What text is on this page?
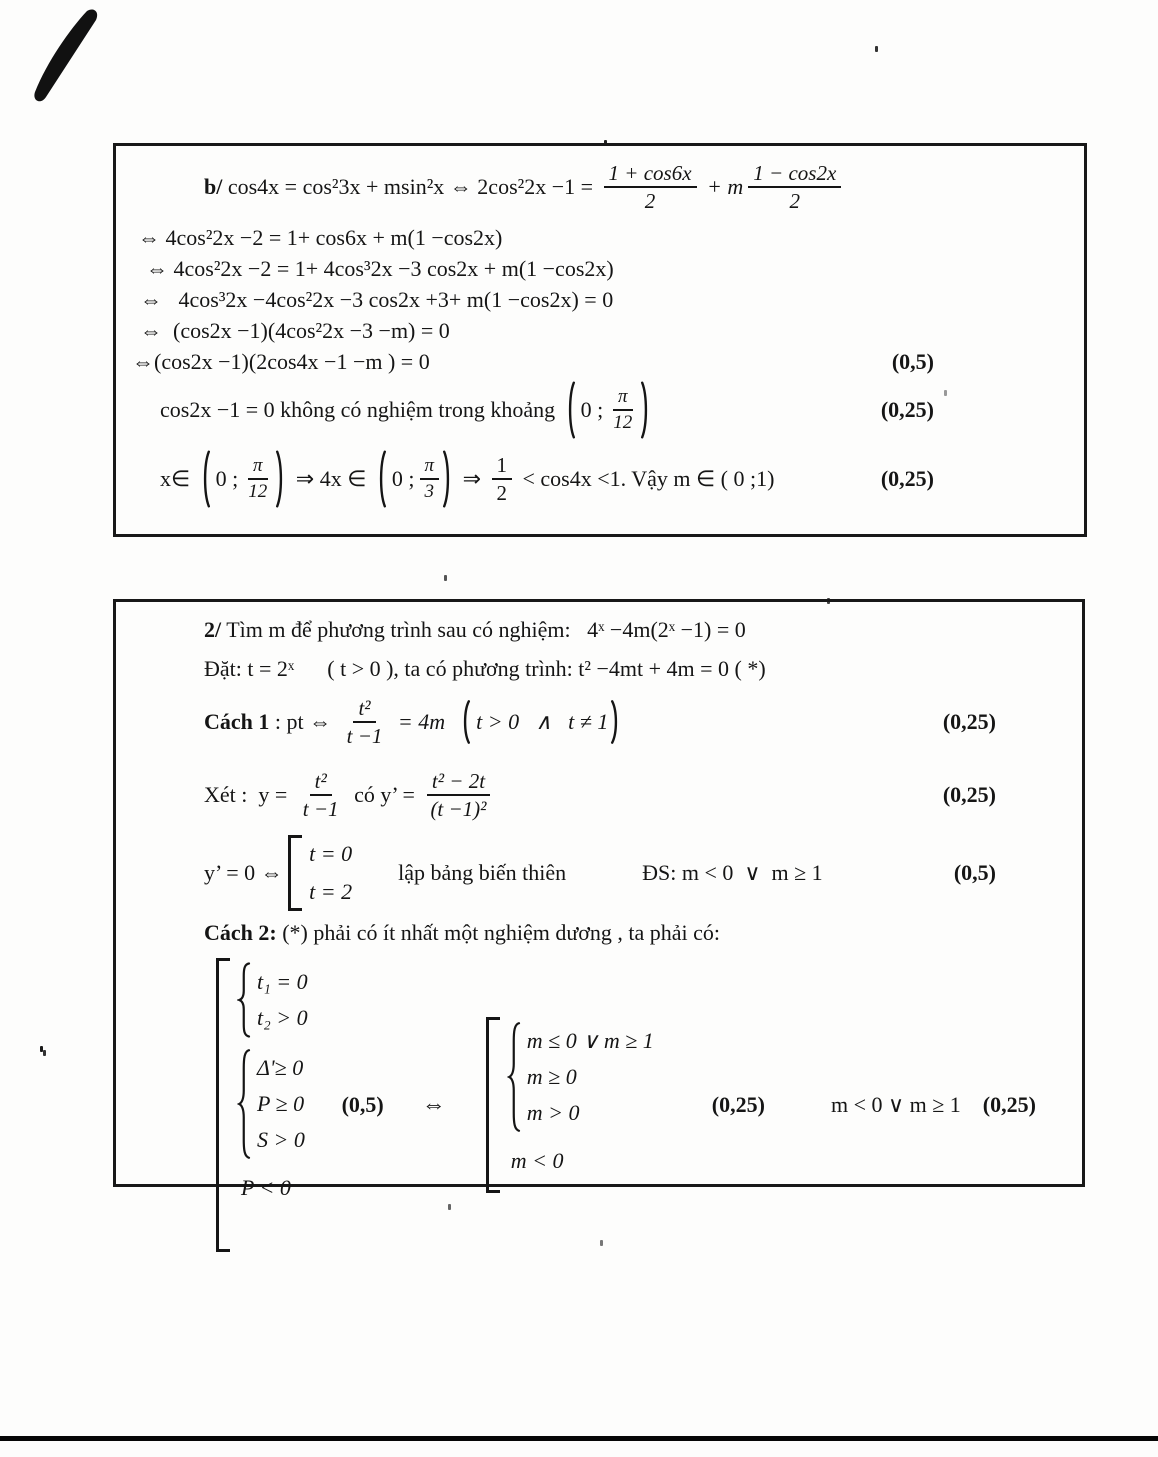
b/ cos4x = cos²3x + msin²x ⇔ $2\cos^22x -1 = \frac{1 + \cos 6x}{2} + m \frac{1 - \cos 2x}{2}$
⇔ 4cos²2x −2 = 1+ cos6x + m(1 −cos2x)
⇔ 4cos²2x −2 = 1+ 4cos³2x −3 cos2x + m(1 −cos2x)
⇔   4cos³2x −4cos²2x −3 cos2x +3+ m(1 −cos2x) = 0
⇔  (cos2x −1)(4cos²2x −3 −m) = 0
⇔(cos2x −1)(2cos4x −1 −m ) = 0	(0,5)
cos2x −1 = 0 không có nghiệm trong khoảng 0 ; $\frac{\pi}{12}$	(0,25)
x∈ 0 ; $\frac{\pi}{12}$ ⇒ 4x ∈ 0 ; $\frac{\pi}{3}$ ⇒ $\frac{1}{2} < \cos 4x <1$. Vậy m ∈ ( 0 ;1)	(0,25)
2/ Tìm m để phương trình sau có nghiệm:   4ˣ −4m(2ˣ −1) = 0
Đặt: t = 2ˣ      ( t > 0 ), ta có phương trình: t² −4mt + 4m = 0 ( *)
Cách 1 : pt ⇔ $\frac{\text{t²}}{t -1} = 4m$ t > 0   ∧   t ≠ 1	(0,25)
Xét :  $y = \frac{\text{t²}}{t -1}$ có y’ = $\frac{\text{t² − 2t}}{\text{(t −1)²}}$	(0,25)
y’ = 0 ⇔
t = 0
t = 2
lập bảng biến thiên	ĐS: m < 0  ∨  m ≥ 1	(0,5)
Cách 2: (*) phải có ít nhất một nghiệm dương , ta phải có:
t₁ = 0
t₂ > 0
Δ'≥ 0
P ≥ 0
S > 0
P < 0
(0,5) ⇔
m ≤ 0 ∨ m ≥ 1
m ≥ 0
m > 0
m < 0
(0,25)	m < 0 ∨ m ≥ 1 (0,25)
